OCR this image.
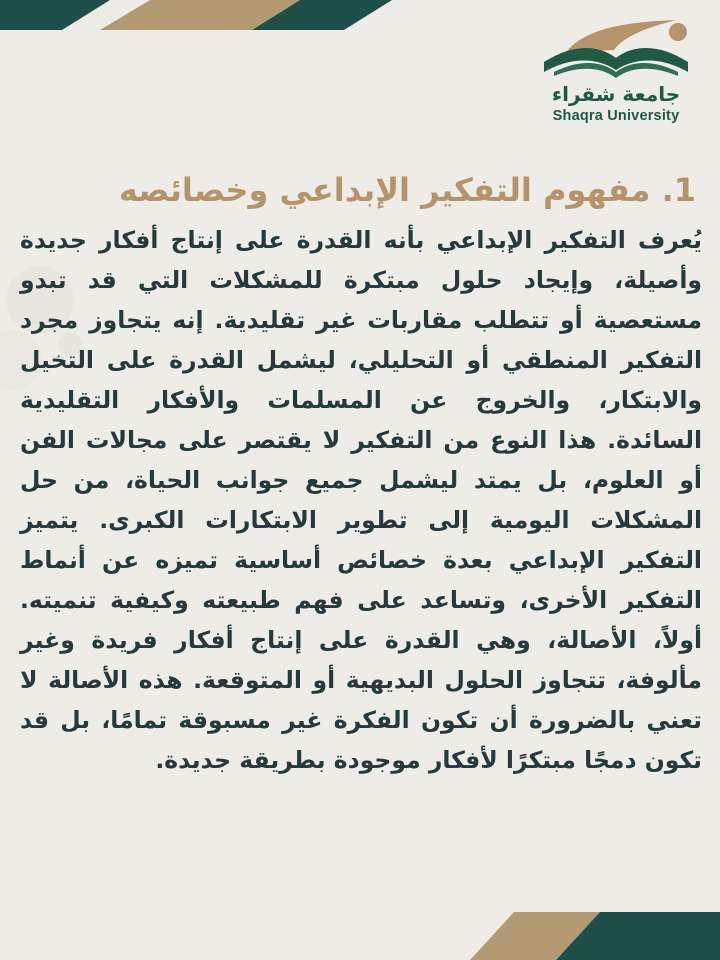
جامعة شقراء
Shaqra University
1. مفهوم التفكير الإبداعي وخصائصه

يُعرف التفكير الإبداعي بأنه القدرة على إنتاج أفكار جديدة وأصيلة، وإيجاد حلول مبتكرة للمشكلات التي قد تبدو مستعصية أو تتطلب مقاربات غير تقليدية. إنه يتجاوز مجرد التفكير المنطقي أو التحليلي، ليشمل القدرة على التخيل والابتكار، والخروج عن المسلمات والأفكار التقليدية السائدة. هذا النوع من التفكير لا يقتصر على مجالات الفن أو العلوم، بل يمتد ليشمل جميع جوانب الحياة، من حل المشكلات اليومية إلى تطوير الابتكارات الكبرى. يتميز التفكير الإبداعي بعدة خصائص أساسية تميزه عن أنماط التفكير الأخرى، وتساعد على فهم طبيعته وكيفية تنميته. أولاً، الأصالة، وهي القدرة على إنتاج أفكار فريدة وغير مألوفة، تتجاوز الحلول البديهية أو المتوقعة. هذه الأصالة لا تعني بالضرورة أن تكون الفكرة غير مسبوقة تمامًا، بل قد تكون دمجًا مبتكرًا لأفكار موجودة بطريقة جديدة.
